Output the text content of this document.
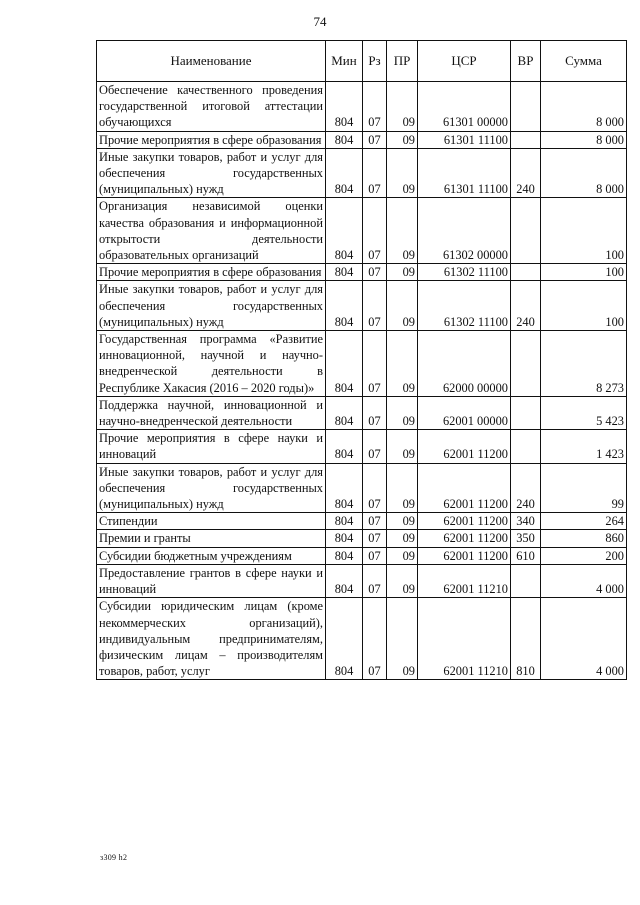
74
Наименование	Мин	Рз	ПР	ЦСР	ВР	Сумма
Обеспечение качественного проведения государственной итоговой аттестации обучающихся	804	07	09	61301 00000		8 000
Прочие мероприятия в сфере образования	804	07	09	61301 11100		8 000
Иные закупки товаров, работ и услуг для обеспечения государственных (муниципальных) нужд	804	07	09	61301 11100	240	8 000
Организация независимой оценки качества образования и информационной открытости деятельности образовательных организаций	804	07	09	61302 00000		100
Прочие мероприятия в сфере образования	804	07	09	61302 11100		100
Иные закупки товаров, работ и услуг для обеспечения государственных (муниципальных) нужд	804	07	09	61302 11100	240	100
Государственная программа «Развитие инновационной, научной и научно-внедренческой деятельности в Республике Хакасия (2016 – 2020 годы)»	804	07	09	62000 00000		8 273
Поддержка научной, инновационной и научно-внедренческой деятельности	804	07	09	62001 00000		5 423
Прочие мероприятия в сфере науки и инноваций	804	07	09	62001 11200		1 423
Иные закупки товаров, работ и услуг для обеспечения государственных (муниципальных) нужд	804	07	09	62001 11200	240	99
Стипендии	804	07	09	62001 11200	340	264
Премии и гранты	804	07	09	62001 11200	350	860
Субсидии бюджетным учреждениям	804	07	09	62001 11200	610	200
Предоставление грантов в сфере науки и инноваций	804	07	09	62001 11210		4 000
Субсидии юридическим лицам (кроме некоммерческих организаций), индивидуальным предпринимателям, физическим лицам – производителям товаров, работ, услуг	804	07	09	62001 11210	810	4 000
з309 h2
